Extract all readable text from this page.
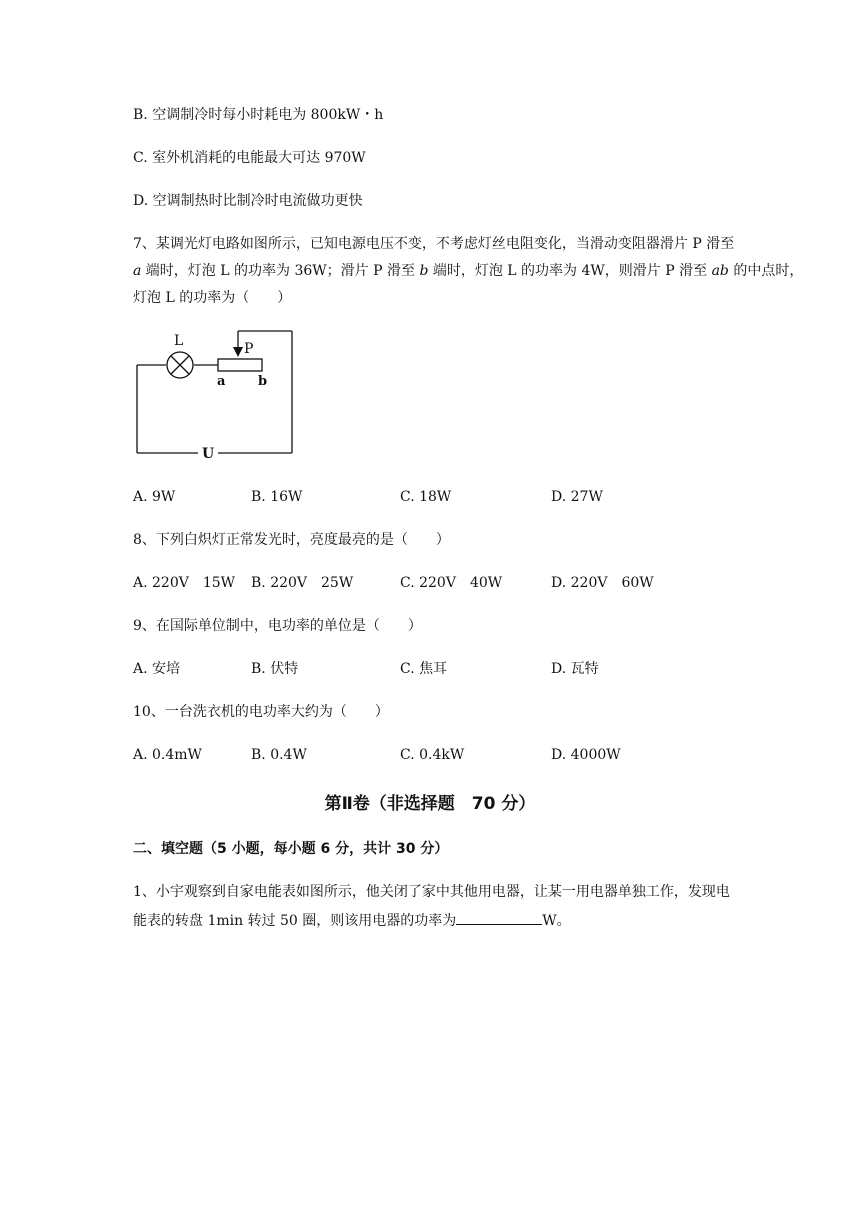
B. 空调制冷时每小时耗电为 800kW・h
C. 室外机消耗的电能最大可达 970W
D. 空调制热时比制冷时电流做功更快
7、某调光灯电路如图所示，已知电源电压不变，不考虑灯丝电阻变化，当滑动变阻器滑片 P 滑至
a 端时，灯泡 L 的功率为 36W；滑片 P 滑至 b 端时，灯泡 L 的功率为 4W，则滑片 P 滑至 ab 的中点时，
灯泡 L 的功率为（　　）
L	P
a	b
U
A. 9W	B. 16W	C. 18W	D. 27W
8、下列白炽灯正常发光时，亮度最亮的是（　　）
A. 220V　15W B. 220V　25W	C. 220V　40W	D. 220V　60W
9、在国际单位制中，电功率的单位是（　　）
A. 安培	B. 伏特	C. 焦耳	D. 瓦特
10、一台洗衣机的电功率大约为（　　）
A. 0.4mW	B. 0.4W	C. 0.4kW	D. 4000W
第Ⅱ卷（非选择题　70 分）
二、填空题（5 小题，每小题 6 分，共计 30 分）
1、小宇观察到自家电能表如图所示，他关闭了家中其他用电器，让某一用电器单独工作，发现电
能表的转盘 1min 转过 50 圈，则该用电器的功率为	W。
